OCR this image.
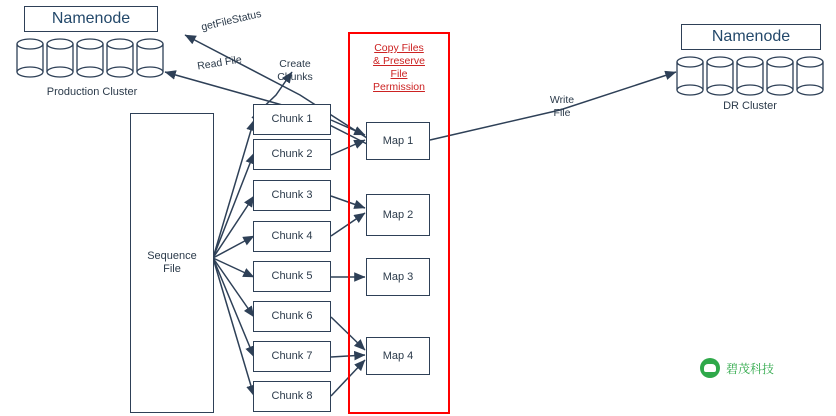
Namenode
Production Cluster
Namenode
DR Cluster
Sequence
File
Chunk 1
Chunk 2
Chunk 3
Chunk 4
Chunk 5
Chunk 6
Chunk 7
Chunk 8
Copy Files
& Preserve
File
Permission
Map 1
Map 2
Map 3
Map 4
getFileStatus
Read File	Create
Chunks
Write
File
碧茂科技
